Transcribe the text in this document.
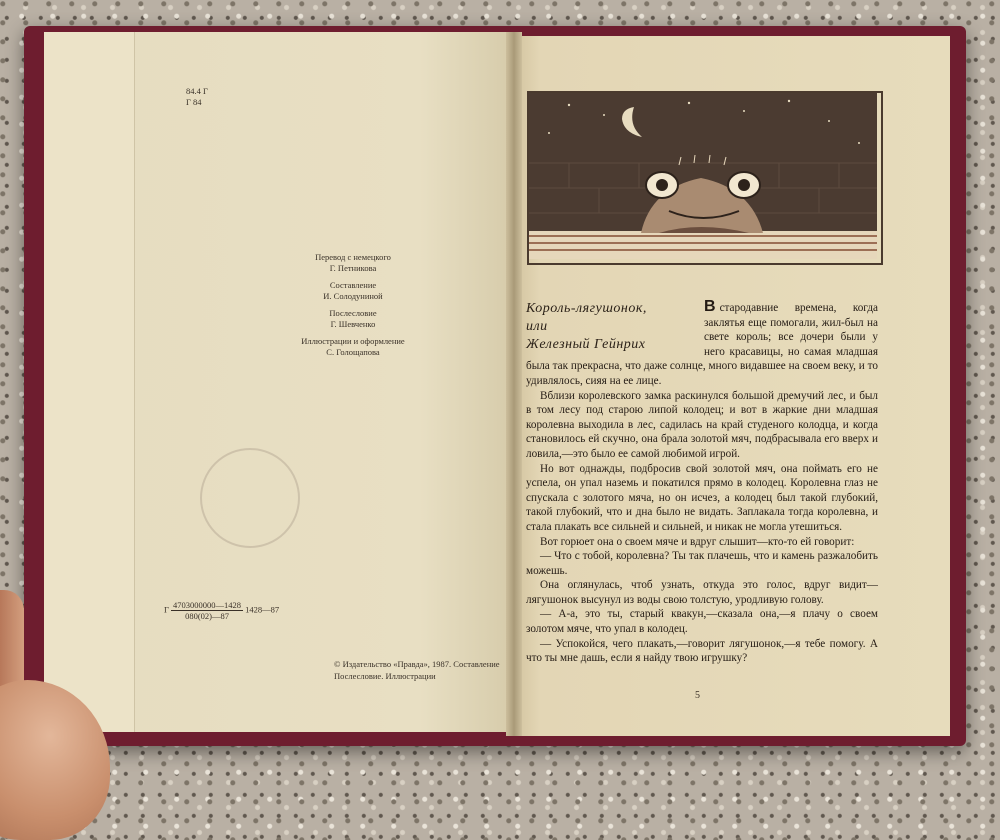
84.4 Г
Г 84
Перевод с немецкого
Г. Петникова
Составление
И. Солодуниной
Послесловие
Г. Шевченко
Иллюстрации и оформление
С. Голощапова
Г $\frac{4703000000—1428}{080(02)—87}$ 1428—87
© Издательство «Правда», 1987. Составление
Послесловие. Иллюстрации
Король-лягушонок,
или
Железный Гейнрих

В стародавние времена, когда заклятья еще помогали, жил-был на свете король; все дочери были у него красавицы, но самая младшая была так прекрасна, что даже солнце, много видавшее на своем веку, и то удивлялось, сияя на ее лице.

Вблизи королевского замка раскинулся большой дремучий лес, и был в том лесу под старою липой колодец; и вот в жаркие дни младшая королевна выходила в лес, садилась на край студеного колодца, и когда становилось ей скучно, она брала золотой мяч, подбрасывала его вверх и ловила,—это было ее самой любимой игрой.

Но вот однажды, подбросив свой золотой мяч, она поймать его не успела, он упал наземь и покатился прямо в колодец. Королевна глаз не спускала с золотого мяча, но он исчез, а колодец был такой глубокий, такой глубокий, что и дна было не видать. Заплакала тогда королевна, и стала плакать все сильней и сильней, и никак не могла утешиться.

Вот горюет она о своем мяче и вдруг слышит—кто-то ей говорит:

— Что с тобой, королевна? Ты так плачешь, что и камень разжалобить можешь.

Она оглянулась, чтоб узнать, откуда это голос, вдруг видит—лягушонок высунул из воды свою толстую, уродливую голову.

— А-а, это ты, старый квакун,—сказала она,—я плачу о своем золотом мяче, что упал в колодец.

— Успокойся, чего плакать,—говорит лягушонок,—я тебе помогу. А что ты мне дашь, если я найду твою игрушку?

5
